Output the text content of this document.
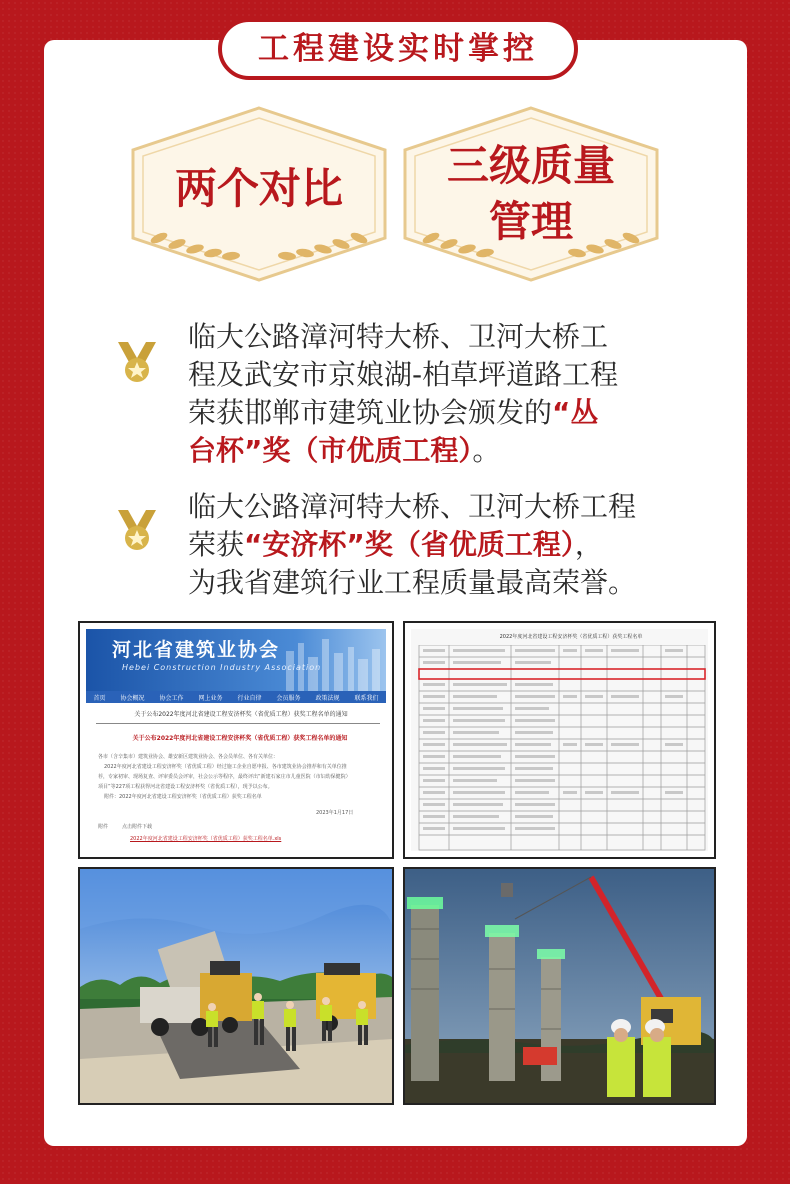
工程建设实时掌控
两个对比	三级质量
管理
临大公路漳河特大桥、卫河大桥工
程及武安市京娘湖-柏草坪道路工程
荣获邯郸市建筑业协会颁发的“丛
台杯”奖（市优质工程）。
临大公路漳河特大桥、卫河大桥工程
荣获“安济杯”奖（省优质工程），
为我省建筑行业工程质量最高荣誉。
河北省建筑业协会
Hebei Construction Industry Association
首页 协会概况 协会工作 网上业务 行业自律 会员服务 政策法规 联系我们
关于公布2022年度河北省建设工程安济杯奖（省优质工程）获奖工程名单的通知
关于公布2022年度河北省建设工程安济杯奖（省优质工程）获奖工程名单的通知
各市（含辛集市）建筑业协会、雄安新区建筑业协会、各会员单位、各有关单位：
2022年度河北省建设工程安济杯奖（省优质工程）经过施工企业自愿申报、各市建筑业协会推荐和有关单位推
荐，专家初审、现场复查、评审委员会评审，社会公示等程序，最终评出“新建石家庄市儿童医院（市妇幼保健院）
项目”等227项工程获得河北省建设工程安济杯奖（省优质工程），现予以公布。
附件：2022年度河北省建设工程安济杯奖（省优质工程）获奖工程名单
2023年1月17日
附件	点击附件下载
2022年度河北省建设工程安济杯奖（省优质工程）获奖工程名单.xls
2022年度河北省建设工程安济杯奖（省优质工程）获奖工程名单
